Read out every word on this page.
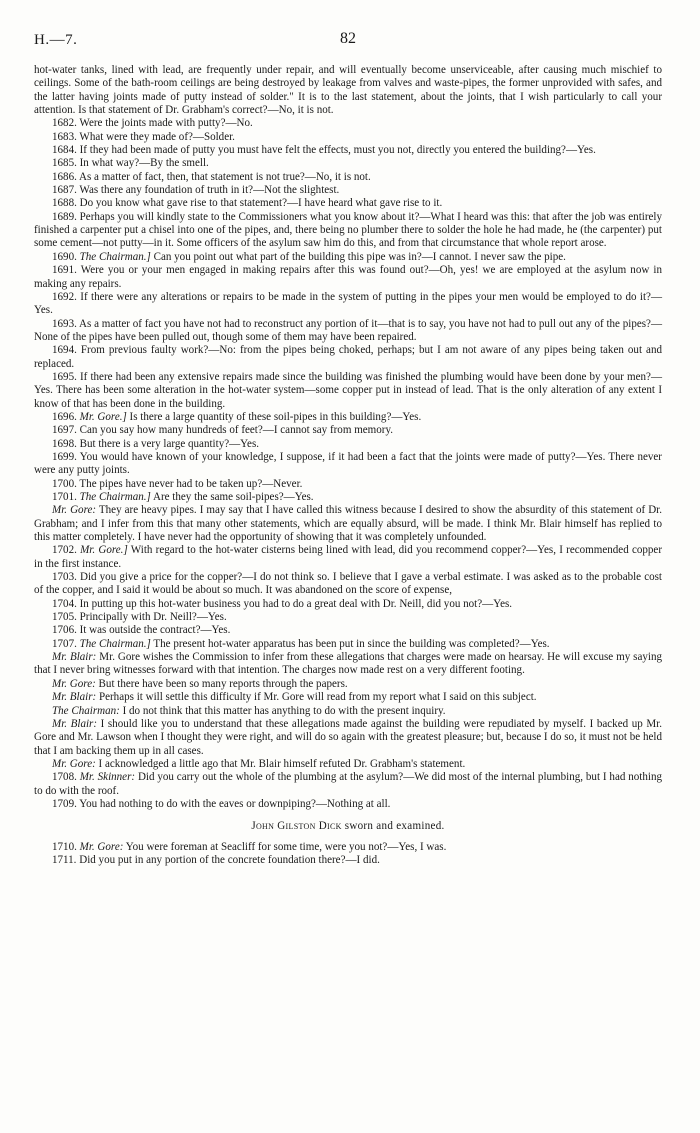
H.—7.	82

hot-water tanks, lined with lead, are frequently under repair, and will eventually become unserviceable, after causing much mischief to ceilings. Some of the bath-room ceilings are being destroyed by leakage from valves and waste-pipes, the former unprovided with safes, and the latter having joints made of putty instead of solder." It is to the last statement, about the joints, that I wish particularly to call your attention. Is that statement of Dr. Grabham's correct?—No, it is not.

1682. Were the joints made with putty?—No.

1683. What were they made of?—Solder.

1684. If they had been made of putty you must have felt the effects, must you not, directly you entered the building?—Yes.

1685. In what way?—By the smell.

1686. As a matter of fact, then, that statement is not true?—No, it is not.

1687. Was there any foundation of truth in it?—Not the slightest.

1688. Do you know what gave rise to that statement?—I have heard what gave rise to it.

1689. Perhaps you will kindly state to the Commissioners what you know about it?—What I heard was this: that after the job was entirely finished a carpenter put a chisel into one of the pipes, and, there being no plumber there to solder the hole he had made, he (the carpenter) put some cement—not putty—in it. Some officers of the asylum saw him do this, and from that circumstance that whole report arose.

1690. The Chairman.] Can you point out what part of the building this pipe was in?—I cannot. I never saw the pipe.

1691. Were you or your men engaged in making repairs after this was found out?—Oh, yes! we are employed at the asylum now in making any repairs.

1692. If there were any alterations or repairs to be made in the system of putting in the pipes your men would be employed to do it?—Yes.

1693. As a matter of fact you have not had to reconstruct any portion of it—that is to say, you have not had to pull out any of the pipes?—None of the pipes have been pulled out, though some of them may have been repaired.

1694. From previous faulty work?—No: from the pipes being choked, perhaps; but I am not aware of any pipes being taken out and replaced.

1695. If there had been any extensive repairs made since the building was finished the plumbing would have been done by your men?—Yes. There has been some alteration in the hot-water system—some copper put in instead of lead. That is the only alteration of any extent I know of that has been done in the building.

1696. Mr. Gore.] Is there a large quantity of these soil-pipes in this building?—Yes.

1697. Can you say how many hundreds of feet?—I cannot say from memory.

1698. But there is a very large quantity?—Yes.

1699. You would have known of your knowledge, I suppose, if it had been a fact that the joints were made of putty?—Yes. There never were any putty joints.

1700. The pipes have never had to be taken up?—Never.

1701. The Chairman.] Are they the same soil-pipes?—Yes.

Mr. Gore: They are heavy pipes. I may say that I have called this witness because I desired to show the absurdity of this statement of Dr. Grabham; and I infer from this that many other statements, which are equally absurd, will be made. I think Mr. Blair himself has replied to this matter completely. I have never had the opportunity of showing that it was completely unfounded.

1702. Mr. Gore.] With regard to the hot-water cisterns being lined with lead, did you recommend copper?—Yes, I recommended copper in the first instance.

1703. Did you give a price for the copper?—I do not think so. I believe that I gave a verbal estimate. I was asked as to the probable cost of the copper, and I said it would be about so much. It was abandoned on the score of expense,

1704. In putting up this hot-water business you had to do a great deal with Dr. Neill, did you not?—Yes.

1705. Principally with Dr. Neill?—Yes.

1706. It was outside the contract?—Yes.

1707. The Chairman.] The present hot-water apparatus has been put in since the building was completed?—Yes.

Mr. Blair: Mr. Gore wishes the Commission to infer from these allegations that charges were made on hearsay. He will excuse my saying that I never bring witnesses forward with that intention. The charges now made rest on a very different footing.

Mr. Gore: But there have been so many reports through the papers.

Mr. Blair: Perhaps it will settle this difficulty if Mr. Gore will read from my report what I said on this subject.

The Chairman: I do not think that this matter has anything to do with the present inquiry.

Mr. Blair: I should like you to understand that these allegations made against the building were repudiated by myself. I backed up Mr. Gore and Mr. Lawson when I thought they were right, and will do so again with the greatest pleasure; but, because I do so, it must not be held that I am backing them up in all cases.

Mr. Gore: I acknowledged a little ago that Mr. Blair himself refuted Dr. Grabham's statement.

1708. Mr. Skinner: Did you carry out the whole of the plumbing at the asylum?—We did most of the internal plumbing, but I had nothing to do with the roof.

1709. You had nothing to do with the eaves or downpiping?—Nothing at all.

John Gilston Dick sworn and examined.

1710. Mr. Gore: You were foreman at Seacliff for some time, were you not?—Yes, I was.

1711. Did you put in any portion of the concrete foundation there?—I did.
